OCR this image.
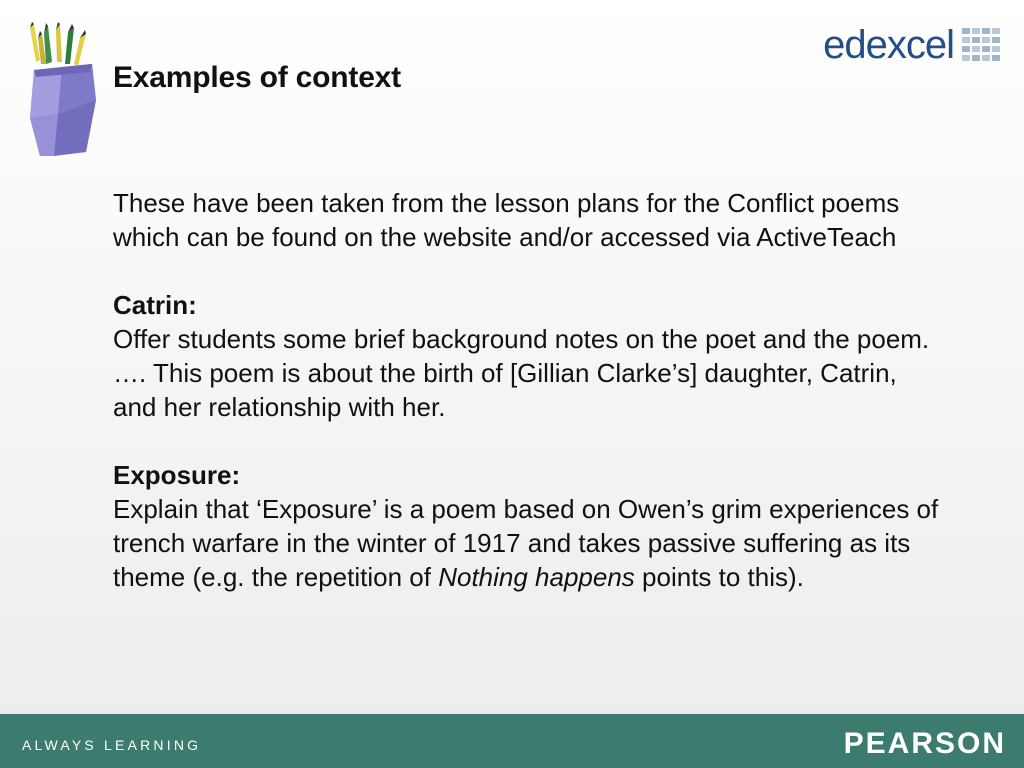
Examples of context
edexcel

These have been taken from the lesson plans for the Conflict poems which can be found on the website and/or accessed via ActiveTeach

Catrin:

Offer students some brief background notes on the poet and the poem. …. This poem is about the birth of [Gillian Clarke’s] daughter, Catrin, and her relationship with her.

Exposure:

Explain that ‘Exposure’ is a poem based on Owen’s grim experiences of trench warfare in the winter of 1917 and takes passive suffering as its theme (e.g. the repetition of Nothing happens points to this).

ALWAYS LEARNING	PEARSON
